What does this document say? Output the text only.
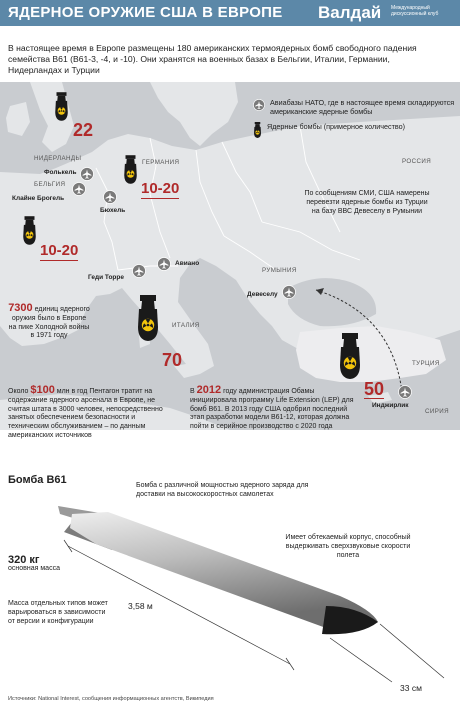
ЯДЕРНОЕ ОРУЖИЕ США В ЕВРОПЕ Валдай Международный дискуссионный клуб

В настоящее время в Европе размещены 180 американских термоядерных бомб свободного падения семейства В61 (В61-3, -4, и -10). Они хранятся на военных базах в Бельгии, Италии, Германии, Нидерландах и Турции

Авиабазы НАТО, где в настоящее время складируются американские ядерные бомбы
Ядерные бомбы (примерное количество)
НИДЕРЛАНДЫ
БЕЛЬГИЯ
ГЕРМАНИЯ	РОССИЯ
РУМЫНИЯ
ИТАЛИЯ
ТУРЦИЯ
СИРИЯ
Фолькель
Клайне Брогель
Бюхель
Геди Торре
Авиано
Девеселу
Инджирлик
22
10-20
10-20
70
50

По сообщениям СМИ, США намерены перевезти ядерные бомбы из Турции на базу ВВС Девеселу в Румынии

7300 единиц ядерного оружия было в Европе на пике Холодной войны в 1971 году
Около $100 млн в год Пентагон тратит на содержание ядерного арсенала в Европе, не считая штата в 3000 человек, непосредственно занятых обеспечением безопасности и техническим обслуживанием – по данным американских источников
В 2012 году администрация Обамы инициировала программу Life Extension (LEP) для бомб В61. В 2013 году США одобрил последний этап разработки модели В61-12, которая должна пойти в серийное производство с 2020 года
Бомба В61	Бомба с различной мощностью ядерного заряда для доставки на высокоскоростных самолетах

Имеет обтекаемый корпус, способный выдерживать сверхзвуковые скорости полета

3,58 м
33 см
320 кг
основная масса

Масса отдельных типов может варьироваться в зависимости от версии и конфигурации

Источники: National Interest, сообщения информационных агентств, Википедия
